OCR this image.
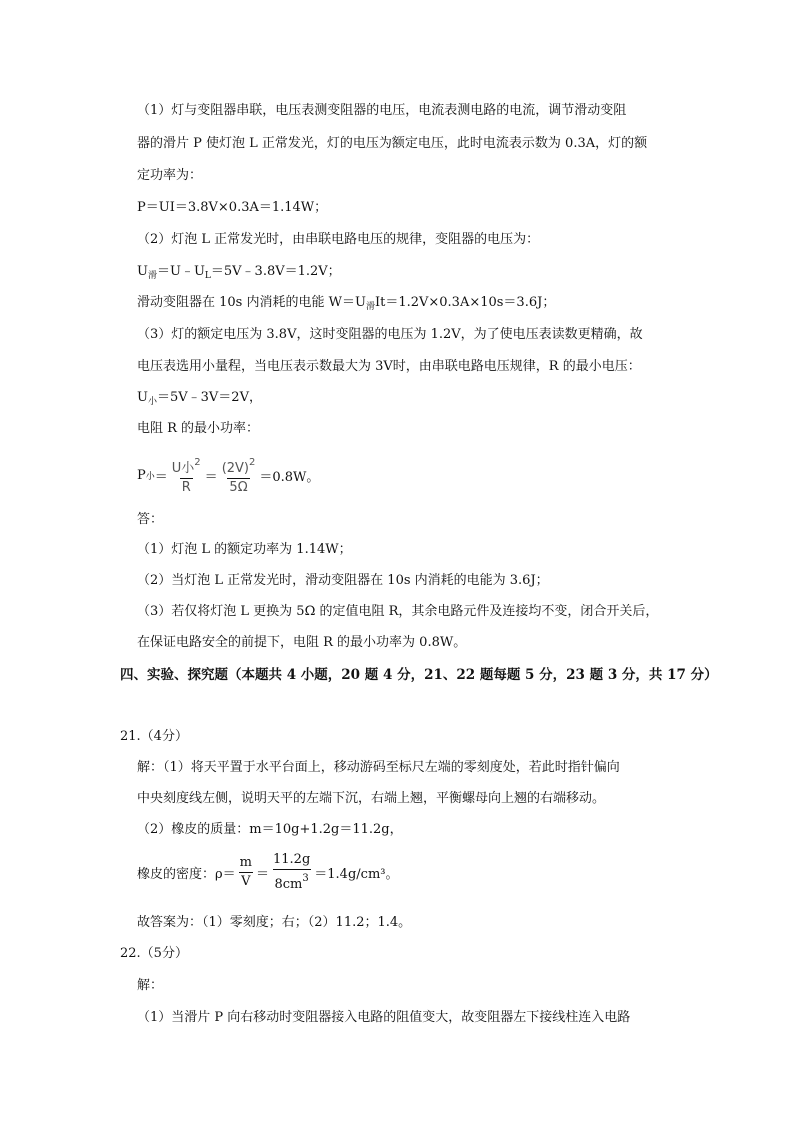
（1）灯与变阻器串联，电压表测变阻器的电压，电流表测电路的电流，调节滑动变阻
器的滑片 P 使灯泡 L 正常发光，灯的电压为额定电压，此时电流表示数为 0.3A，灯的额
定功率为：
P＝UI＝3.8V×0.3A＝1.14W；
（2）灯泡 L 正常发光时，由串联电路电压的规律，变阻器的电压为：
$U_滑=U﹣U_L=5V﹣3.8V=1.2V$；
滑动变阻器在 10s 内消耗的电能 $W=U_滑It=1.2V\times 0.3A\times 10s=3.6J$；
（3）灯的额定电压为 3.8V，这时变阻器的电压为 1.2V，为了使电压表读数更精确，故
电压表选用小量程，当电压表示数最大为 3V时，由串联电路电压规律，R 的最小电压：
$U_小=5V﹣3V=2V$，
电阻 R 的最小功率：
P 小 ＝ $\frac{U小^2}{R} = \frac{(2V)^2}{5\Omega} =0.8W$。
答：
（1）灯泡 L 的额定功率为 1.14W；
（2）当灯泡 L 正常发光时，滑动变阻器在 10s 内消耗的电能为 3.6J；
（3）若仅将灯泡 L 更换为 5Ω 的定值电阻 R，其余电路元件及连接均不变，闭合开关后，
在保证电路安全的前提下，电阻 R 的最小功率为 0.8W。
四、实验、探究题（本题共 4 小题，20 题 4 分，21、22 题每题 5 分，23 题 3 分，共 17 分）
21.（4分）
解：（1）将天平置于水平台面上，移动游码至标尺左端的零刻度处，若此时指针偏向
中央刻度线左侧，说明天平的左端下沉，右端上翘，平衡螺母向上翘的右端移动。
（2）橡皮的质量：m＝10g+1.2g＝11.2g，
橡皮的密度：$\rho= \frac{m}{V} = \frac{11.2g}{8cm^3} =1.4g/cm^3$。
故答案为：（1）零刻度；右；（2）11.2；1.4。
22.（5分）
解：
（1）当滑片 P 向右移动时变阻器接入电路的阻值变大，故变阻器左下接线柱连入电路
